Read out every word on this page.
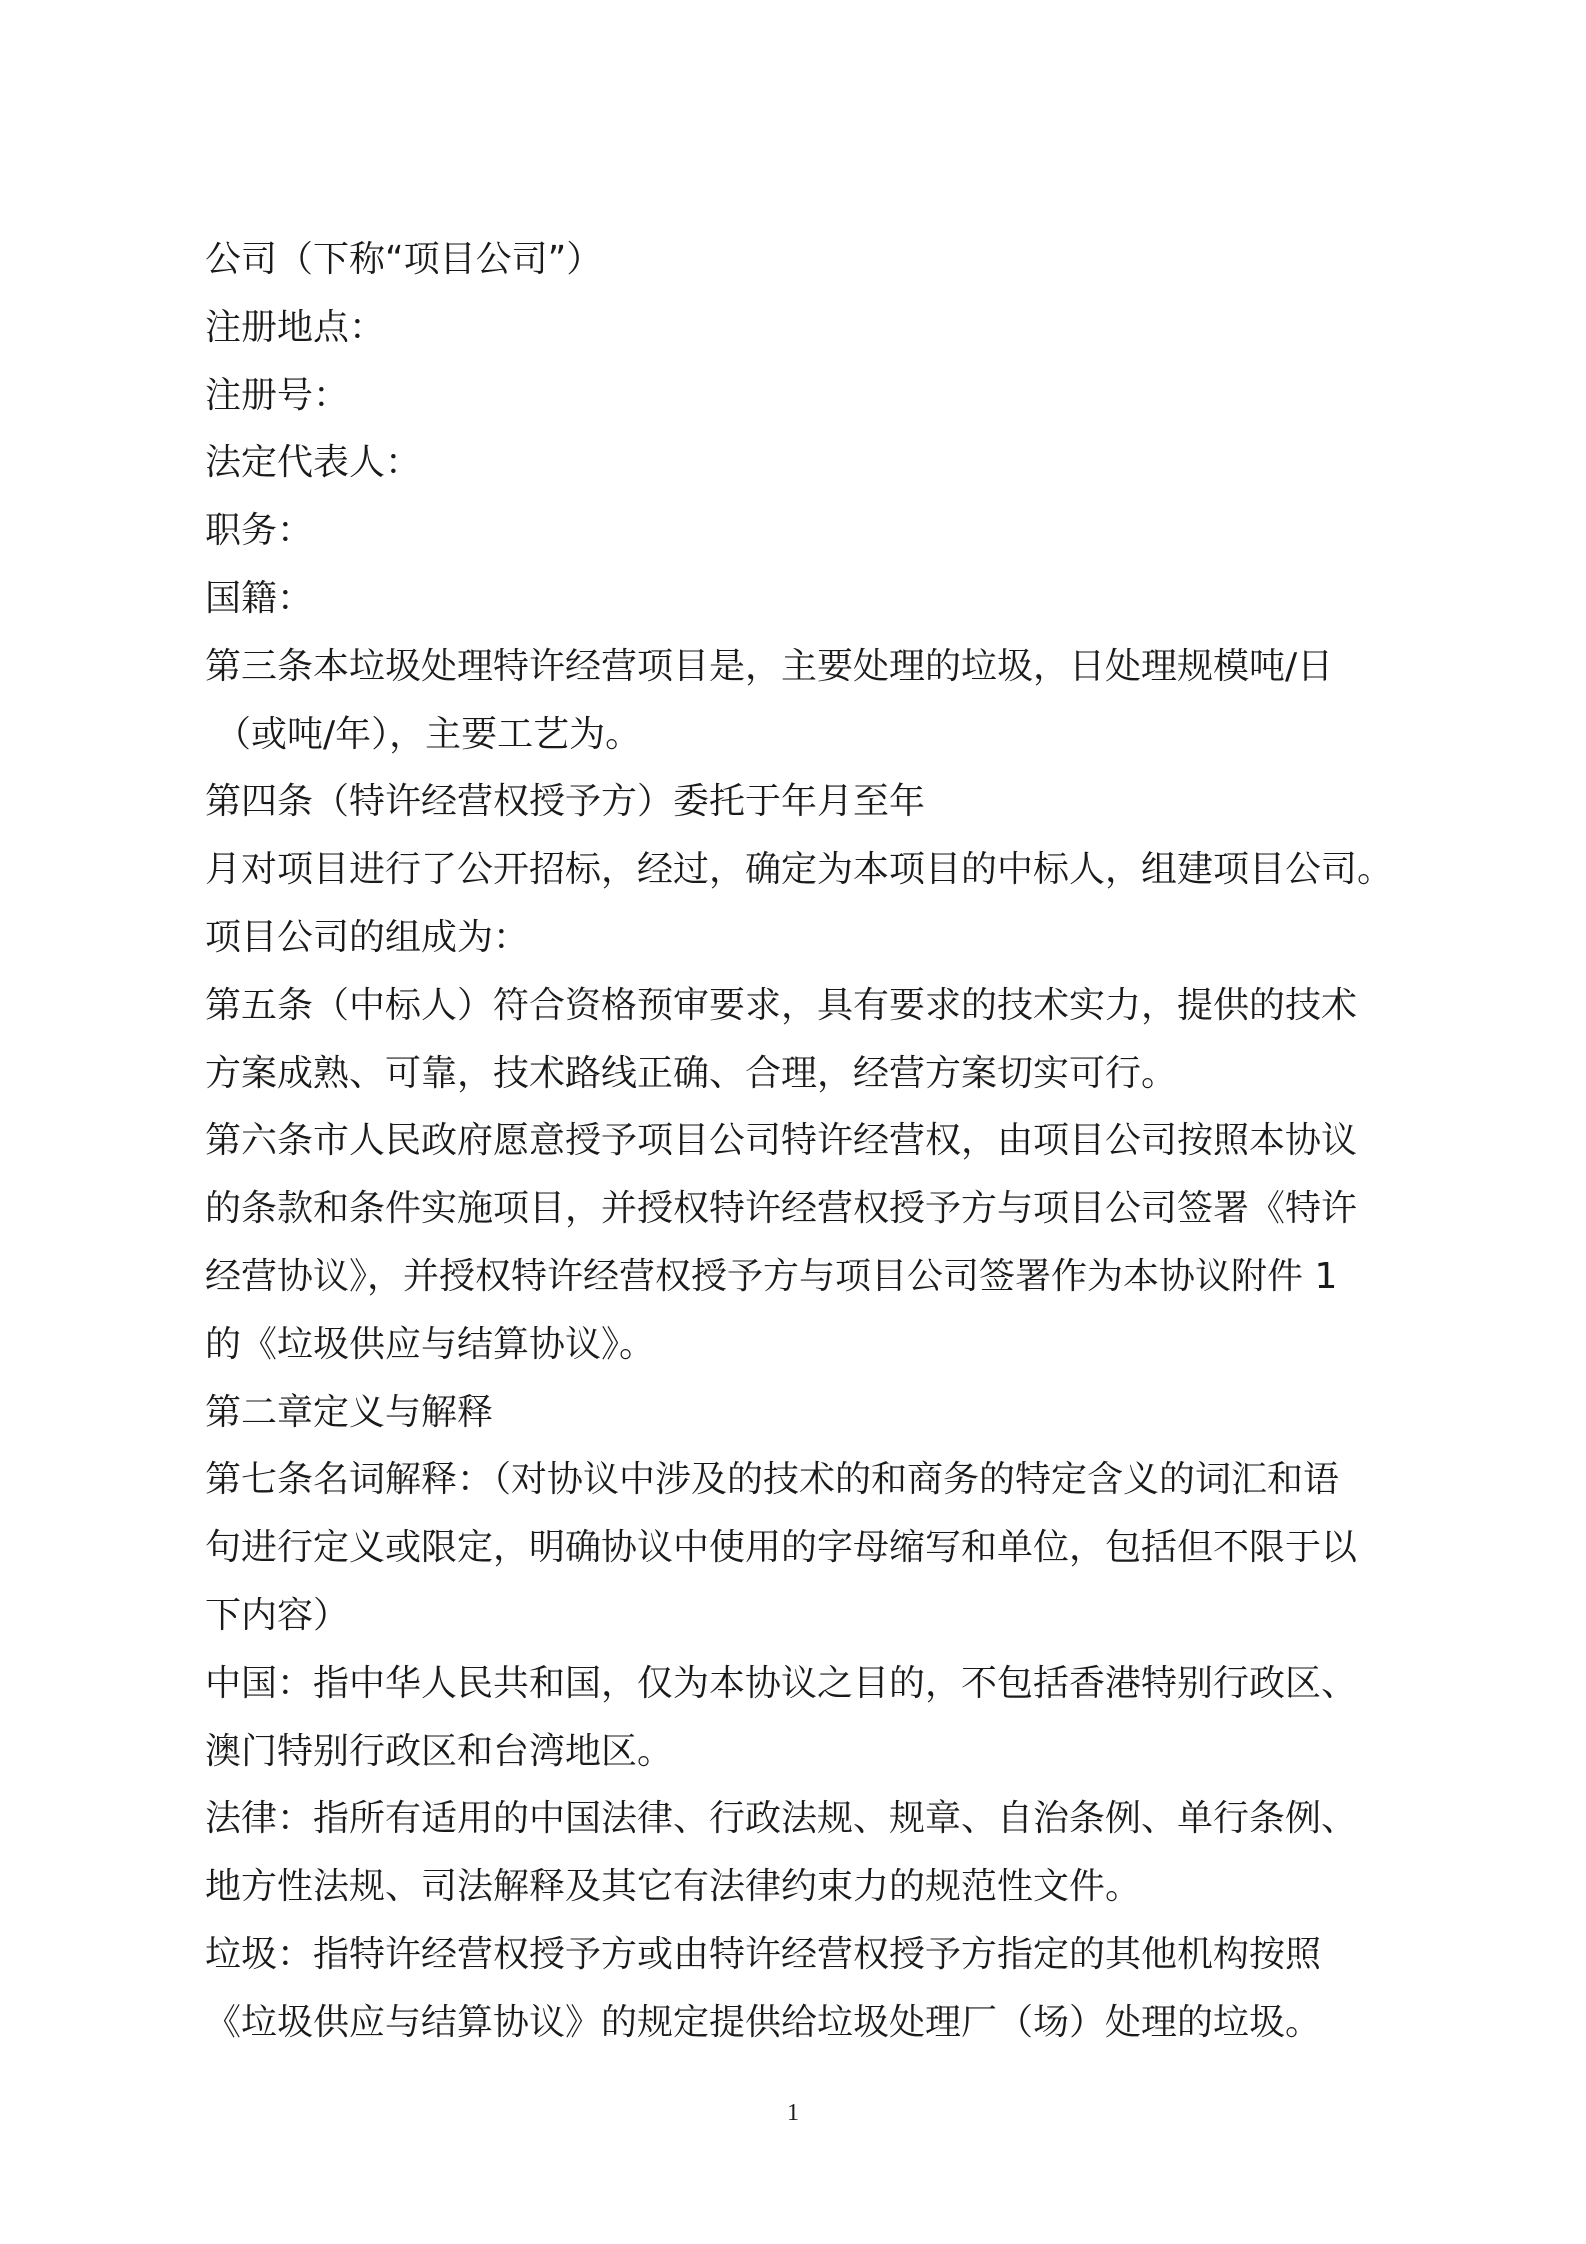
公司（下称“项目公司”）

注册地点：

注册号：

法定代表人：

职务：

国籍：

第三条本垃圾处理特许经营项目是，主要处理的垃圾，日处理规模吨/日

（或吨/年），主要工艺为。

第四条（特许经营权授予方）委托于年月至年

月对项目进行了公开招标，经过，确定为本项目的中标人，组建项目公司。

项目公司的组成为：

第五条（中标人）符合资格预审要求，具有要求的技术实力，提供的技术

方案成熟、可靠，技术路线正确、合理，经营方案切实可行。

第六条市人民政府愿意授予项目公司特许经营权，由项目公司按照本协议

的条款和条件实施项目，并授权特许经营权授予方与项目公司签署《特许

经营协议》，并授权特许经营权授予方与项目公司签署作为本协议附件 1

的《垃圾供应与结算协议》。

第二章定义与解释

第七条名词解释：（对协议中涉及的技术的和商务的特定含义的词汇和语

句进行定义或限定，明确协议中使用的字母缩写和单位，包括但不限于以

下内容）

中国：指中华人民共和国，仅为本协议之目的，不包括香港特别行政区、

澳门特别行政区和台湾地区。

法律：指所有适用的中国法律、行政法规、规章、自治条例、单行条例、

地方性法规、司法解释及其它有法律约束力的规范性文件。

垃圾：指特许经营权授予方或由特许经营权授予方指定的其他机构按照

《垃圾供应与结算协议》的规定提供给垃圾处理厂（场）处理的垃圾。

1
